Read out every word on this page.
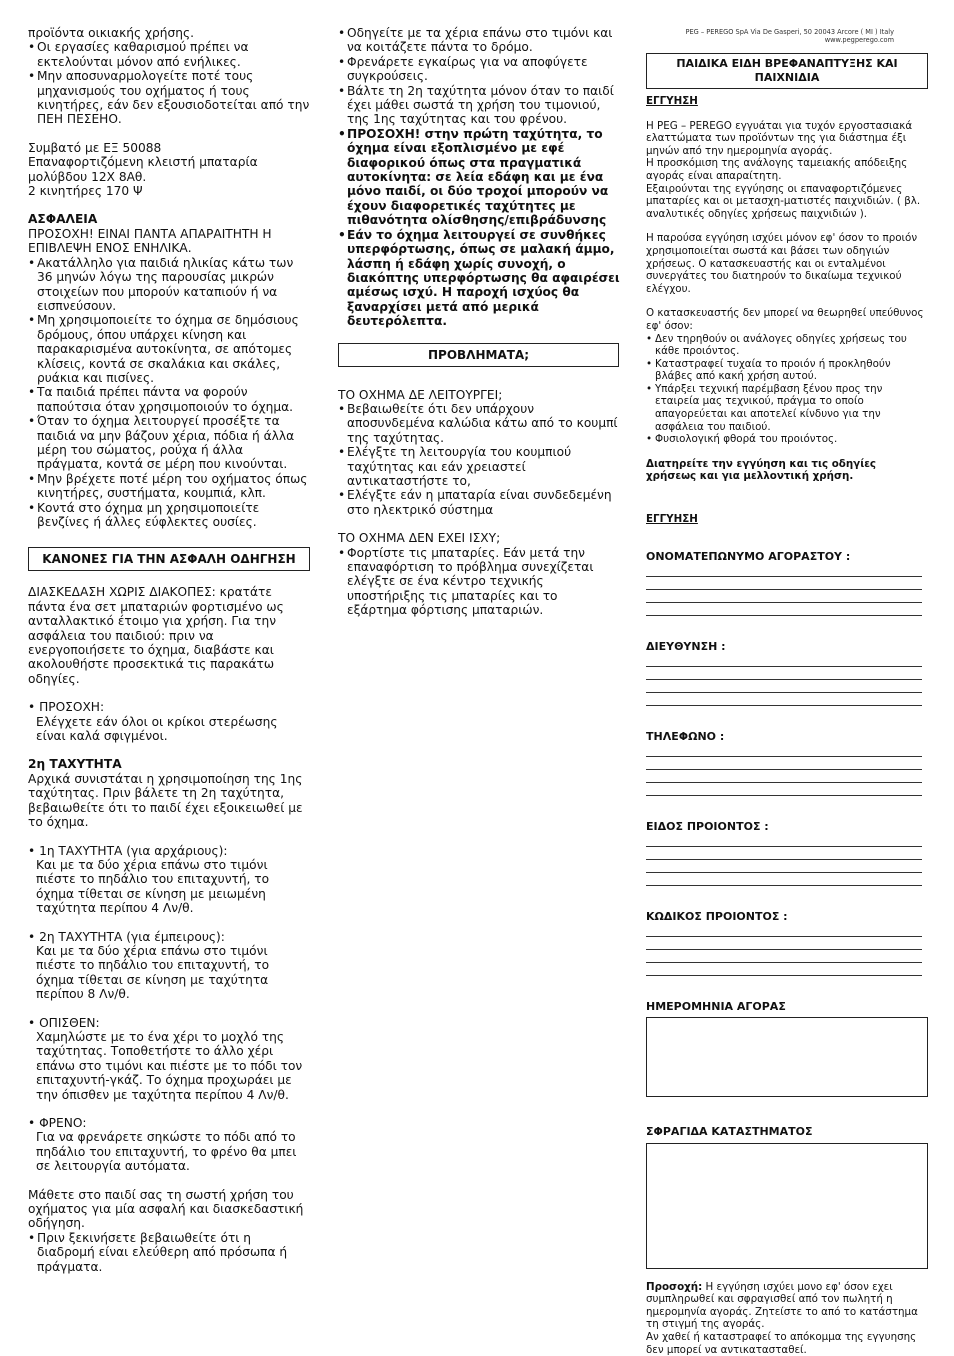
προϊόντα οικιακής χρήσης.

• Οι εργασίες καθαρισμού πρέπει να εκτελούνται μόνον από ενήλικες.
• Μην αποσυναρμολογείτε ποτέ τους μηχανισμούς του οχήματος ή τους κινητήρες, εάν δεν εξουσιοδοτείται από την ΠΕΗ ΠΕΣΕΗΟ.

Συμβατό με ΕΞ 50088

Επαναφορτιζόμενη κλειστή μπαταρία μολύβδου 12Χ 8Αθ.

2 κινητήρες 170 Ψ

ΑΣΦΑΛΕΙΑ

ΠΡΟΣΟΧΗ! ΕΙΝΑΙ ΠΑΝΤΑ ΑΠΑΡΑΙΤΗΤΗ Η ΕΠΙΒΛΕΨΗ ΕΝΟΣ ΕΝΗΛΙΚΑ.

• Ακατάλληλο για παιδιά ηλικίας κάτω των 36 μηνών λόγω της παρουσίας μικρών στοιχείων που μπορούν καταπιούν ή να εισπνεύσουν.
• Μη χρησιμοποιείτε το όχημα σε δημόσιους δρόμους, όπου υπάρχει κίνηση και παρακαρισμένα αυτοκίνητα, σε απότομες κλίσεις, κοντά σε σκαλάκια και σκάλες, ρυάκια και πισίνες.
• Τα παιδιά πρέπει πάντα να φορούν παπούτσια όταν χρησιμοποιούν το όχημα.
• Όταν το όχημα λειτουργεί προσέξτε τα παιδιά να μην βάζουν χέρια, πόδια ή άλλα μέρη του σώματος, ρούχα ή άλλα πράγματα, κοντά σε μέρη που κινούνται.
• Μην βρέχετε ποτέ μέρη του οχήματος όπως κινητήρες, συστήματα, κουμπιά, κλπ.
• Κοντά στο όχημα μη χρησιμοποιείτε βενζίνες ή άλλες εύφλεκτες ουσίες.
ΚΑΝΟΝΕΣ ΓΙΑ ΤΗΝ ΑΣΦΑΛΗ ΟΔΗΓΗΣΗ

ΔΙΑΣΚΕΔΑΣΗ ΧΩΡΙΣ ΔΙΑΚΟΠΕΣ: κρατάτε πάντα ένα σετ μπαταριών φορτισμένο ως ανταλλακτικό έτοιμο για χρήση. Για την ασφάλεια του παιδιού: πριν να ενεργοποιήσετε το όχημα, διαβάστε και ακολουθήστε προσεκτικά τις παρακάτω οδηγίες.

• ΠΡΟΣΟΧΗ:

Ελέγχετε εάν όλοι οι κρίκοι στερέωσης είναι καλά σφιγμένοι.

2η ΤΑΧΥΤΗΤΑ

Αρχικά συνιστάται η χρησιμοποίηση της 1ης ταχύτητας. Πριν βάλετε τη 2η ταχύτητα, βεβαιωθείτε ότι το παιδί έχει εξοικειωθεί με το όχημα.

• 1η ΤΑΧΥΤΗΤΑ (για αρχάριους):

Και με τα δύο χέρια επάνω στο τιμόνι πιέστε το πηδάλιο του επιταχυντή, το όχημα τίθεται σε κίνηση με μειωμένη ταχύτητα περίπου 4 Λν/θ.

• 2η ΤΑΧΥΤΗΤΑ (για έμπειρους):

Και με τα δύο χέρια επάνω στο τιμόνι πιέστε το πηδάλιο του επιταχυντή, το όχημα τίθεται σε κίνηση με ταχύτητα περίπου 8 Λν/θ.

• ΟΠΙΣΘΕΝ:

Χαμηλώστε με το ένα χέρι το μοχλό της ταχύτητας. Τοποθετήστε το άλλο χέρι επάνω στο τιμόνι και πιέστε με το πόδι τον επιταχυντή-γκάζ. Το όχημα προχωράει με την όπισθεν με ταχύτητα περίπου 4 Λν/θ.

• ΦΡΕΝΟ:

Για να φρενάρετε σηκώστε το πόδι από το πηδάλιο του επιταχυντή, το φρένο θα μπει σε λειτουργία αυτόματα.

Μάθετε στο παιδί σας τη σωστή χρήση του οχήματος για μία ασφαλή και διασκεδαστική οδήγηση.

• Πριν ξεκινήσετε βεβαιωθείτε ότι η διαδρομή είναι ελεύθερη από πρόσωπα ή πράγματα.
• Οδηγείτε με τα χέρια επάνω στο τιμόνι και να κοιτάζετε πάντα το δρόμο.
• Φρενάρετε εγκαίρως για να αποφύγετε συγκρούσεις.
• Βάλτε τη 2η ταχύτητα μόνον όταν το παιδί έχει μάθει σωστά τη χρήση του τιμονιού, της 1ης ταχύτητας και του φρένου.
• ΠΡΟΣΟΧΗ! στην πρώτη ταχύτητα, το όχημα είναι εξοπλισμένο με εφέ διαφορικού όπως στα πραγματικά αυτοκίνητα: σε λεία εδάφη και με ένα μόνο παιδί, οι δύο τροχοί μπορούν να έχουν διαφορετικές ταχύτητες με πιθανότητα ολίσθησης/επιβράδυνσης
• Εάν το όχημα λειτουργεί σε συνθήκες υπερφόρτωσης, όπως σε μαλακή άμμο, λάσπη ή εδάφη χωρίς συνοχή, ο διακόπτης υπερφόρτωσης θα αφαιρέσει αμέσως ισχύ. Η παροχή ισχύος θα ξαναρχίσει μετά από μερικά δευτερόλεπτα.
ΠΡΟΒΛΗΜΑΤΑ;

ΤΟ ΟΧΗΜΑ ΔΕ ΛΕΙΤΟΥΡΓΕΙ;

• Βεβαιωθείτε ότι δεν υπάρχουν αποσυνδεμένα καλώδια κάτω από το κουμπί της ταχύτητας.
• Ελέγξτε τη λειτουργία του κουμπιού ταχύτητας και εάν χρειαστεί αντικαταστήστε το,
• Ελέγξτε εάν η μπαταρία είναι συνδεδεμένη στο ηλεκτρικό σύστημα

ΤΟ ΟΧΗΜΑ ΔΕΝ ΕΧΕΙ ΙΣΧΥ;

• Φορτίστε τις μπαταρίες. Εάν μετά την επαναφόρτιση το πρόβλημα συνεχίζεται ελέγξτε σε ένα κέντρο τεχνικής υποστήριξης τις μπαταρίες και το εξάρτημα φόρτισης μπαταριών.
PEG – PEREGO SpA Via De Gasperi, 50 20043 Arcore ( MI ) Italy
www.pegperego.com
ΠΑΙΔΙΚΑ ΕΙΔΗ ΒΡΕΦΑΝΑΠΤΥΞΗΣ ΚΑΙ ΠΑΙΧΝΙΔΙΑ

ΕΓΓΥΗΣΗ

Η PEG – PEREGO εγγυάται για τυχόν εργοστασιακά ελαττώματα των προϊόντων της για διάστημα έξι μηνών από την ημερομηνία αγοράς.

Η προσκόμιση της ανάλογης ταμειακής απόδειξης αγοράς είναι απαραίτητη.

Εξαιρούνται της εγγύησης οι επαναφορτιζόμενες μπαταρίες και οι μετασχη-ματιστές παιχνιδιών. ( βλ. αναλυτικές οδηγίες χρήσεως παιχνιδιών ).

Η παρούσα εγγύηση ισχύει μόνον εφ' όσον το προιόν χρησιμοποιείται σωστά και βάσει των οδηγιών χρήσεως. Ο κατασκευαστής και οι ενταλμένοι συνεργάτες του διατηρούν το δικαίωμα τεχνικού ελέγχου.

Ο κατασκευαστής δεν μπορεί να θεωρηθεί υπεύθυνος εφ' όσον:

• Δεν τηρηθούν οι ανάλογες οδηγίες χρήσεως του κάθε προιόντος.
• Καταστραφεί τυχαία το προιόν ή προκληθούν βλάβες από κακή χρήση αυτού.
• Υπάρξει τεχνική παρέμβαση ξένου προς την εταιρεία μας τεχνικού, πράγμα το οποίο απαγορεύεται και αποτελεί κίνδυνο για την ασφάλεια του παιδιού.
• Φυσιολογική φθορά του προιόντος.

Διατηρείτε την εγγύηση και τις οδηγίες χρήσεως και για μελλοντική χρήση.

ΕΓΓΥΗΣΗ

ΟΝΟΜΑΤΕΠΩΝΥΜΟ ΑΓΟΡΑΣΤΟΥ :
ΔΙΕΥΘΥΝΣΗ :
ΤΗΛΕΦΩΝΟ :
ΕΙΔΟΣ ΠΡΟΙΟΝΤΟΣ :
ΚΩΔΙΚΟΣ ΠΡΟΙΟΝΤΟΣ :
ΗΜΕΡΟΜΗΝΙΑ ΑΓΟΡΑΣ
ΣΦΡΑΓΙΔΑ ΚΑΤΑΣΤΗΜΑΤΟΣ

Προσοχή: Η εγγύηση ισχύει μονο εφ' όσον εχει συμπληρωθεί και σφραγισθεί από τον πωλητή η ημερομηνία αγοράς. Ζητείστε το από το κατάστημα τη στιγμή της αγοράς.

Αν χαθεί ή καταστραφεί το απόκομμα της εγγυησης δεν μπορεί να αντικατασταθεί.
